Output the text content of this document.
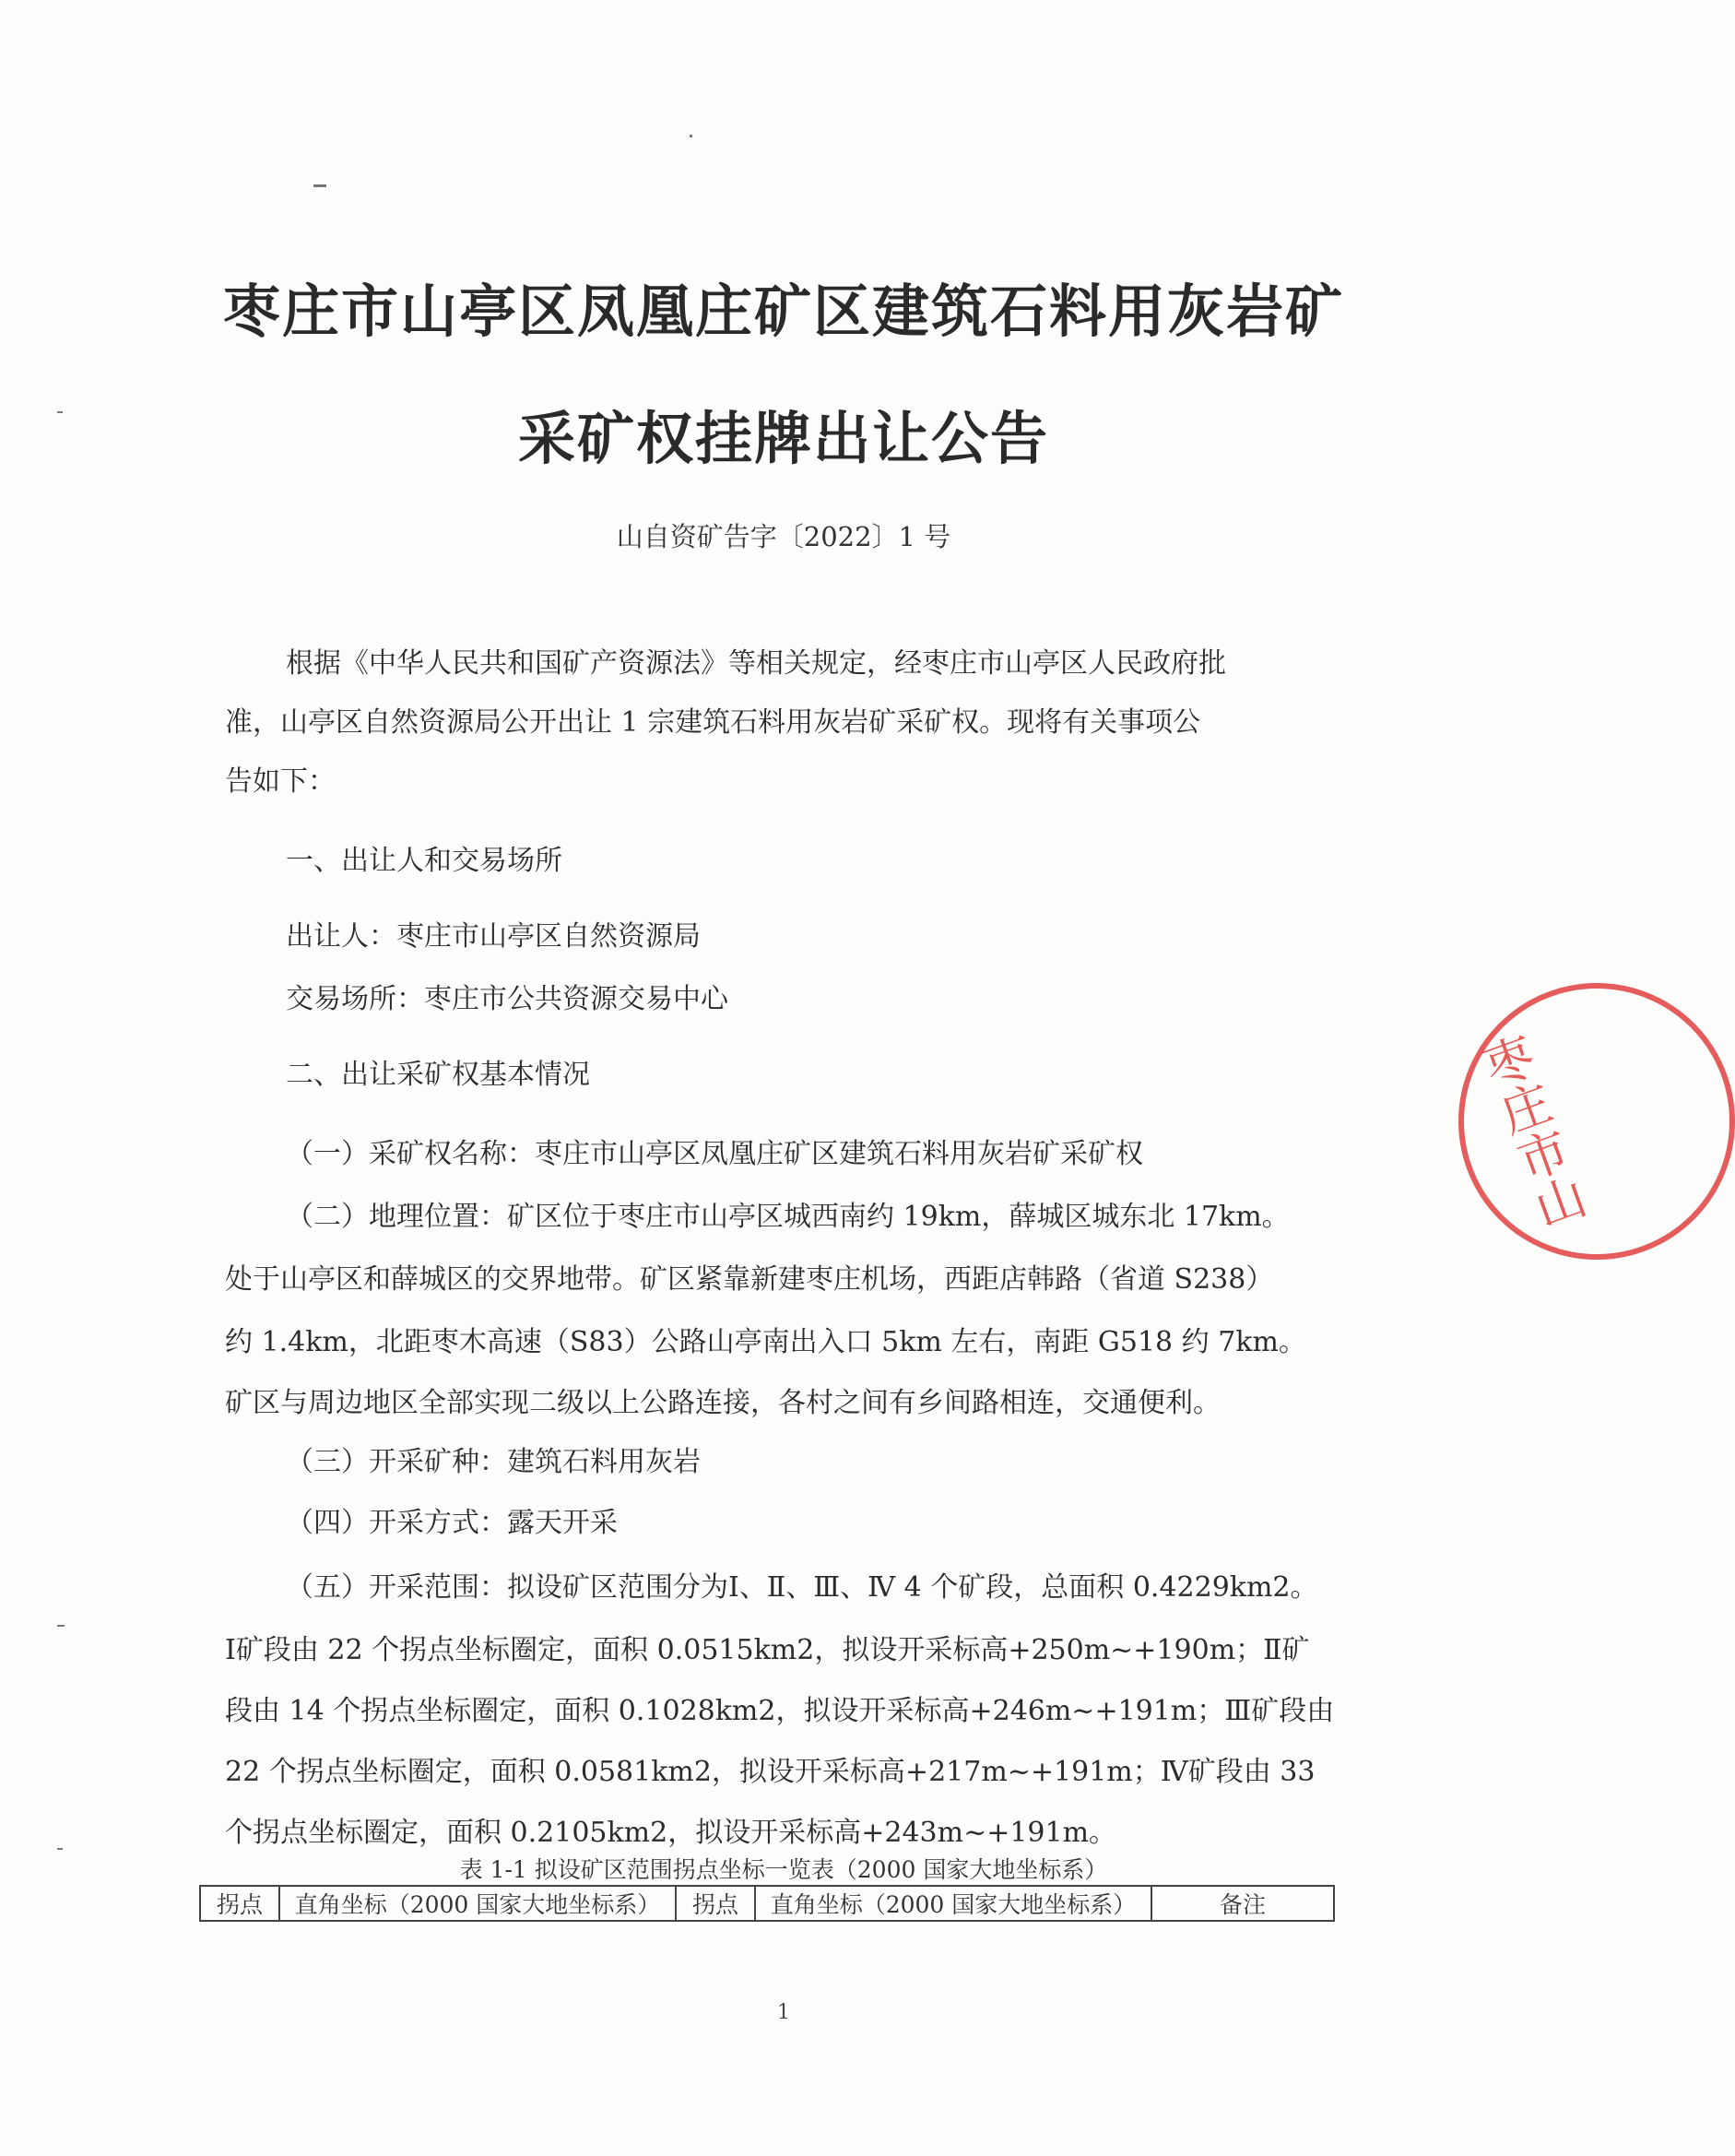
枣庄市山亭区凤凰庄矿区建筑石料用灰岩矿
采矿权挂牌出让公告
山自资矿告字〔2022〕1 号
根据《中华人民共和国矿产资源法》等相关规定，经枣庄市山亭区人民政府批
准，山亭区自然资源局公开出让 1 宗建筑石料用灰岩矿采矿权。现将有关事项公
告如下：
一、出让人和交易场所
出让人：枣庄市山亭区自然资源局
交易场所：枣庄市公共资源交易中心
二、出让采矿权基本情况
（一）采矿权名称：枣庄市山亭区凤凰庄矿区建筑石料用灰岩矿采矿权
（二）地理位置：矿区位于枣庄市山亭区城西南约 19km，薛城区城东北 17km。
处于山亭区和薛城区的交界地带。矿区紧靠新建枣庄机场，西距店韩路（省道 S238）
约 1.4km，北距枣木高速（S83）公路山亭南出入口 5km 左右，南距 G518 约 7km。
矿区与周边地区全部实现二级以上公路连接，各村之间有乡间路相连，交通便利。
（三）开采矿种：建筑石料用灰岩
（四）开采方式：露天开采
（五）开采范围：拟设矿区范围分为Ⅰ、Ⅱ、Ⅲ、Ⅳ 4 个矿段，总面积 0.4229km2。
Ⅰ矿段由 22 个拐点坐标圈定，面积 0.0515km2，拟设开采标高+250m~+190m；Ⅱ矿
段由 14 个拐点坐标圈定，面积 0.1028km2，拟设开采标高+246m~+191m；Ⅲ矿段由
22 个拐点坐标圈定，面积 0.0581km2，拟设开采标高+217m~+191m；Ⅳ矿段由 33
个拐点坐标圈定，面积 0.2105km2，拟设开采标高+243m~+191m。
表 1-1 拟设矿区范围拐点坐标一览表（2000 国家大地坐标系）
拐点	直角坐标（2000 国家大地坐标系）	拐点	直角坐标（2000 国家大地坐标系）	备注
1
枣庄市山
